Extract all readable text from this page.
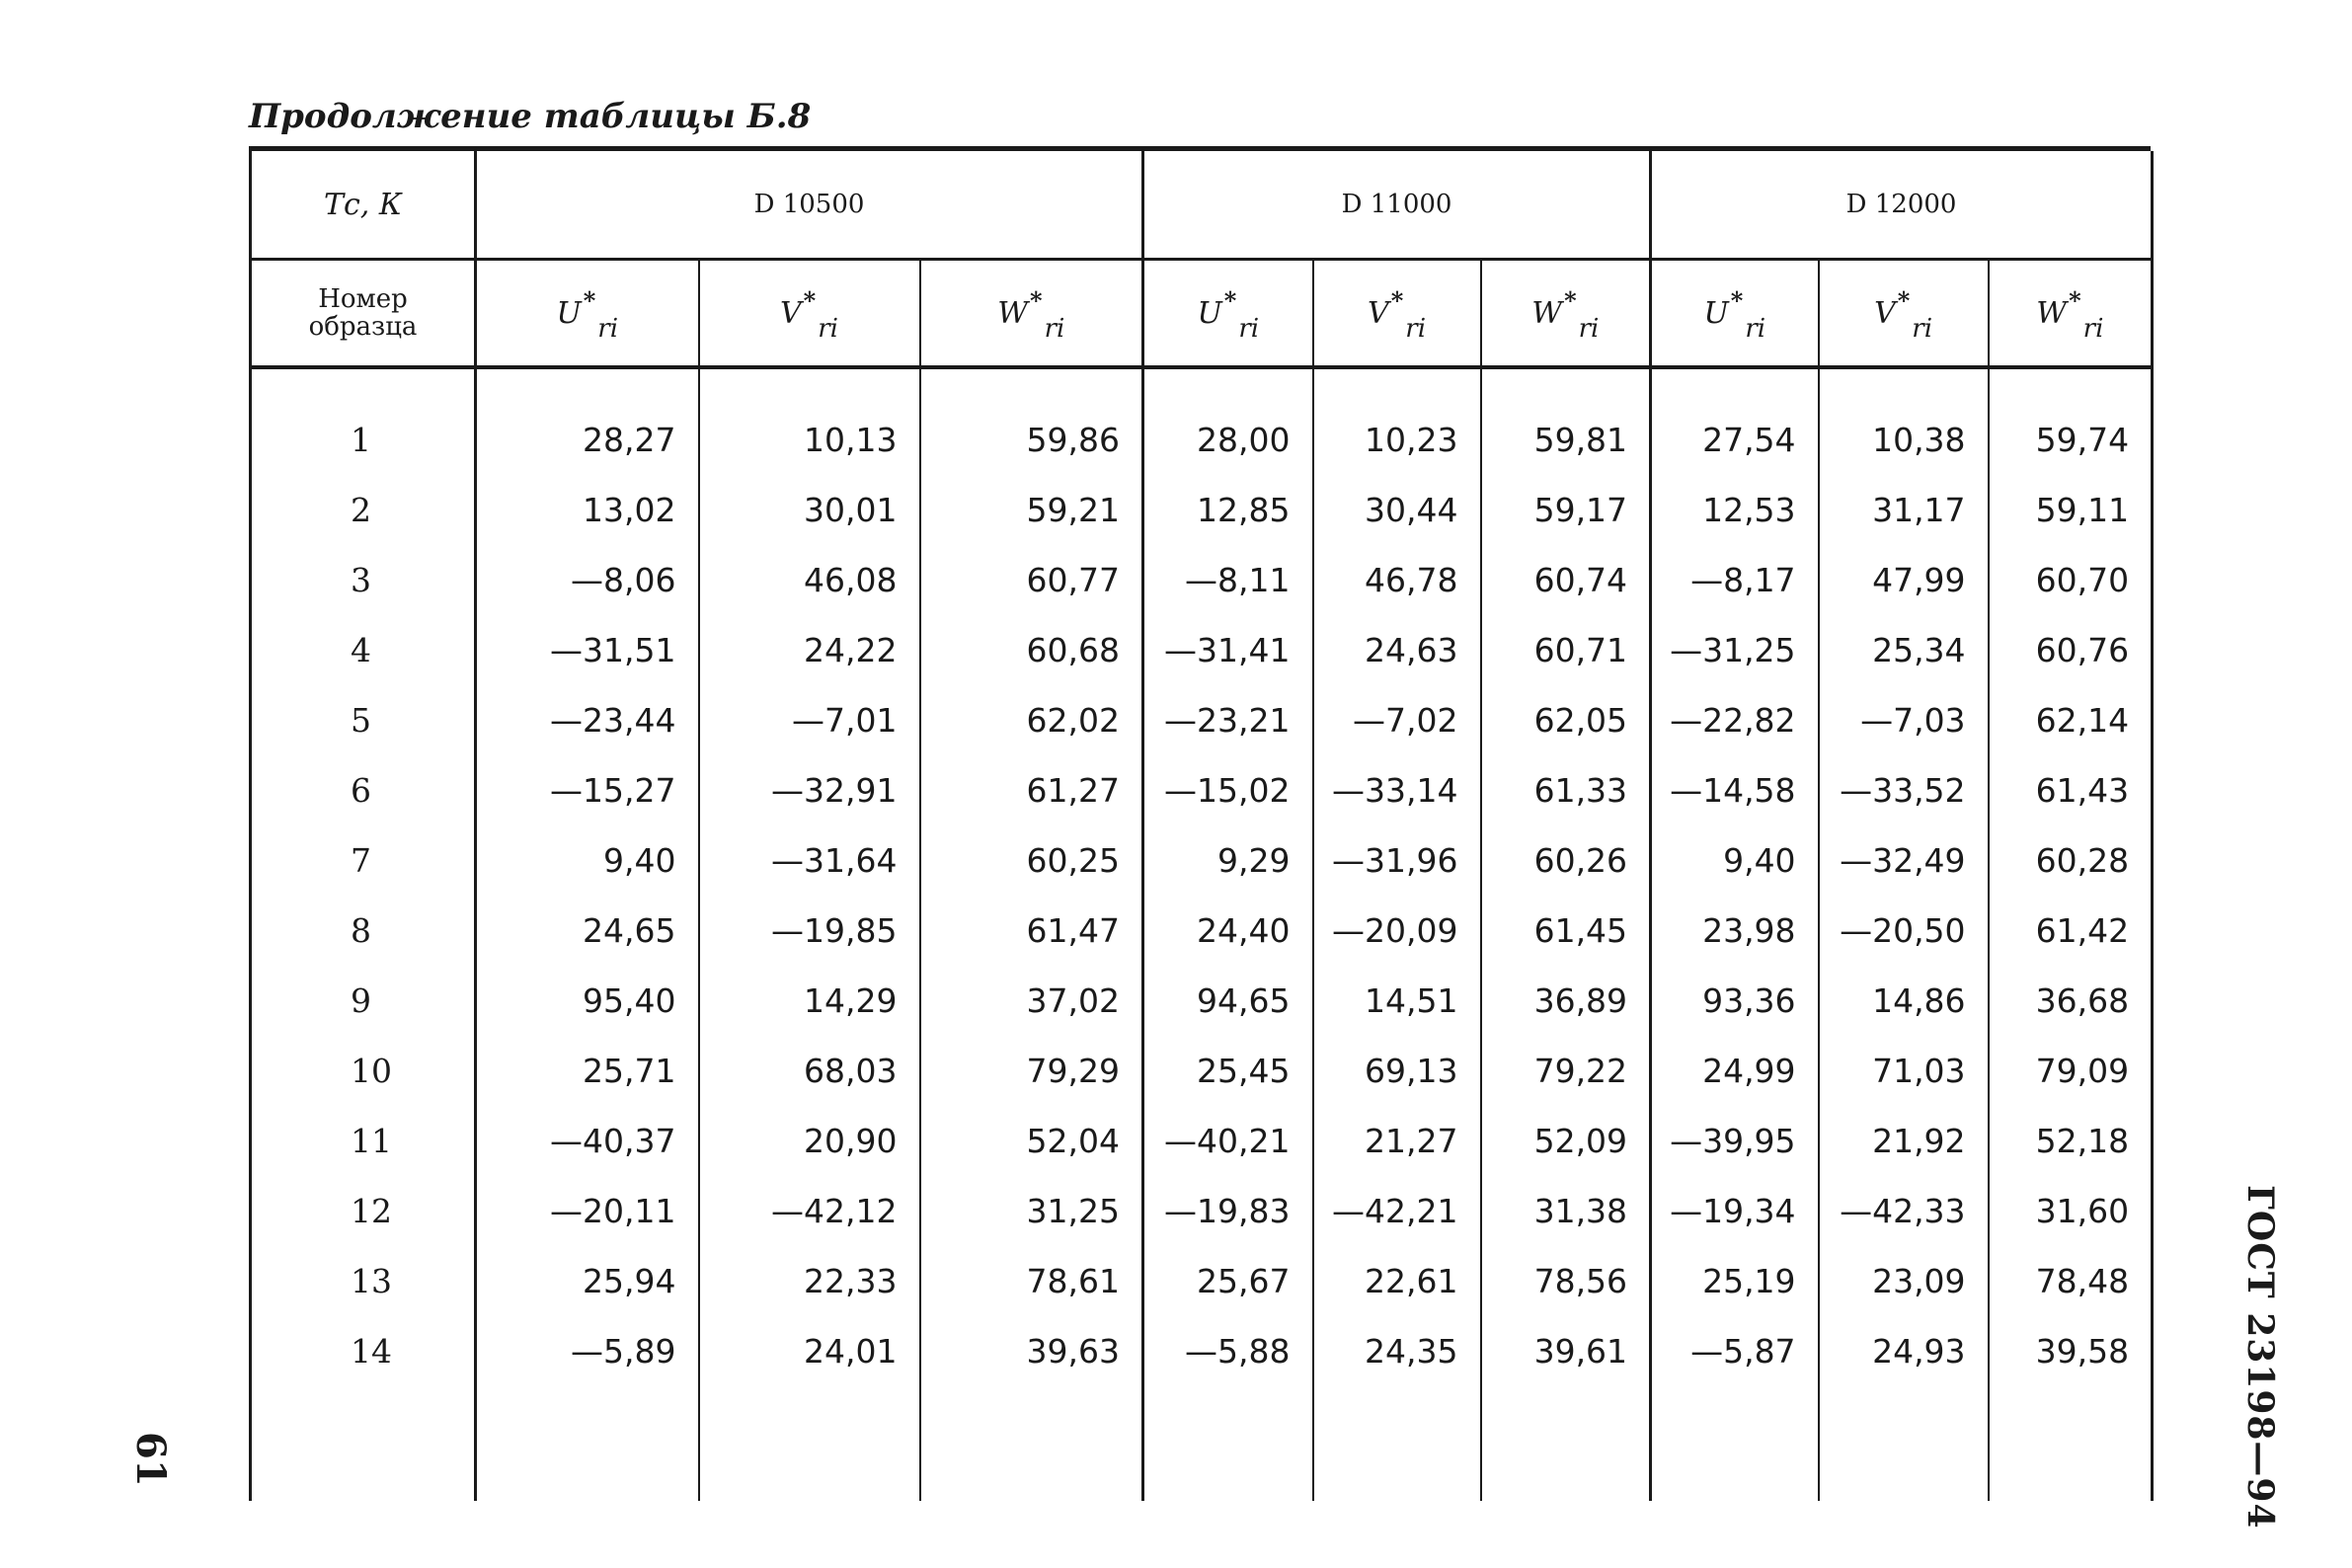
Продолжение таблицы Б.8
Tс, К	D 10500			D 11000			D 12000		

Номер
образца	U*ri	V*ri	W*ri	U*ri	V*ri	W*ri	U*ri	V*ri	W*ri
1	28,27	10,13	59,86	28,00	10,23	59,81	27,54	10,38	59,74
2	13,02	30,01	59,21	12,85	30,44	59,17	12,53	31,17	59,11
3	—8,06	46,08	60,77	—8,11	46,78	60,74	—8,17	47,99	60,70
4	—31,51	24,22	60,68	—31,41	24,63	60,71	—31,25	25,34	60,76
5	—23,44	—7,01	62,02	—23,21	—7,02	62,05	—22,82	—7,03	62,14
6	—15,27	—32,91	61,27	—15,02	—33,14	61,33	—14,58	—33,52	61,43
7	9,40	—31,64	60,25	9,29	—31,96	60,26	9,40	—32,49	60,28
8	24,65	—19,85	61,47	24,40	—20,09	61,45	23,98	—20,50	61,42
9	95,40	14,29	37,02	94,65	14,51	36,89	93,36	14,86	36,68
10	25,71	68,03	79,29	25,45	69,13	79,22	24,99	71,03	79,09
11	—40,37	20,90	52,04	—40,21	21,27	52,09	—39,95	21,92	52,18
12	—20,11	—42,12	31,25	—19,83	—42,21	31,38	—19,34	—42,33	31,60
13	25,94	22,33	78,61	25,67	22,61	78,56	25,19	23,09	78,48
14	—5,89	24,01	39,63	—5,88	24,35	39,61	—5,87	24,93	39,58

61	ГОСТ 23198—94
